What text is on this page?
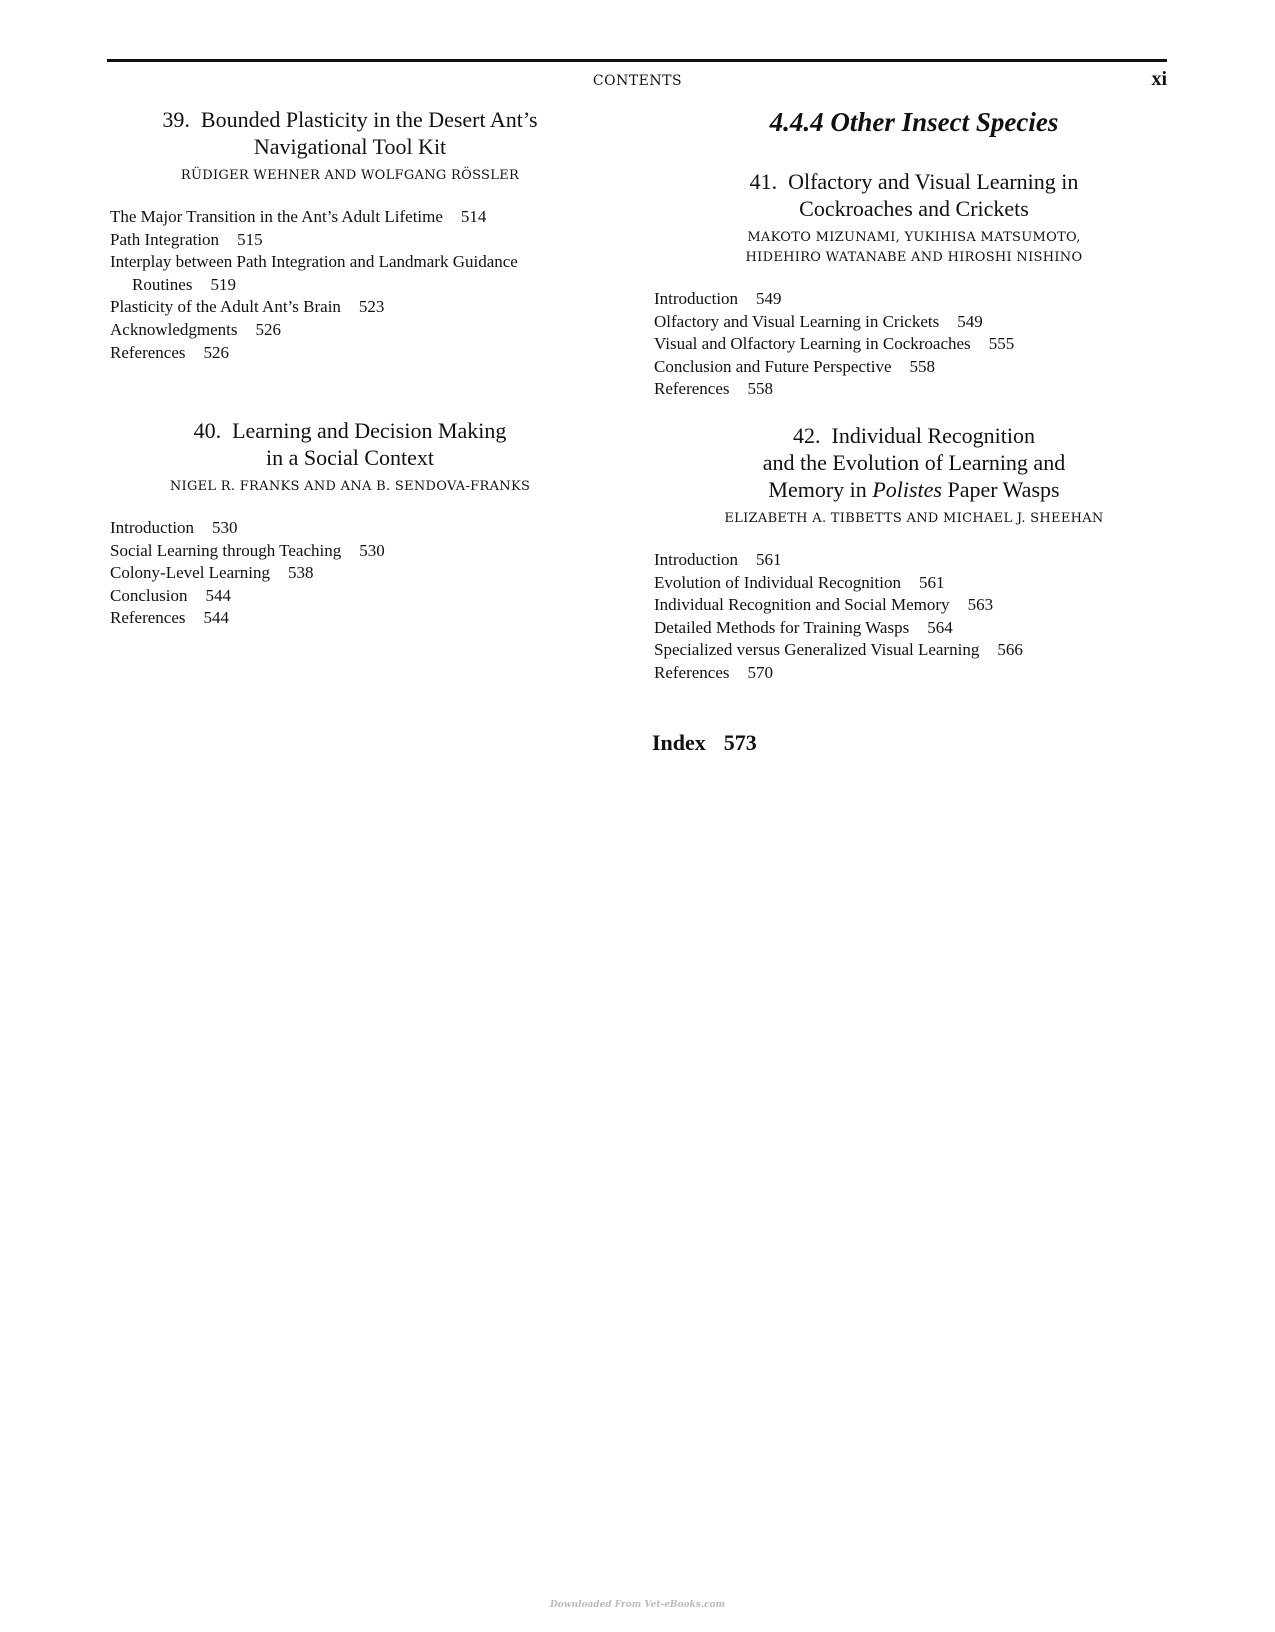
CONTENTS	xi
39. Bounded Plasticity in the Desert Ant’s
Navigational Tool Kit
RÜDIGER WEHNER AND WOLFGANG RÖSSLER
The Major Transition in the Ant’s Adult Lifetime 514
Path Integration 515
Interplay between Path Integration and Landmark Guidance Routines 519
Plasticity of the Adult Ant’s Brain 523
Acknowledgments 526
References 526
40. Learning and Decision Making
in a Social Context
NIGEL R. FRANKS AND ANA B. SENDOVA-FRANKS
Introduction 530
Social Learning through Teaching 530
Colony-Level Learning 538
Conclusion 544
References 544
4.4.4 Other Insect Species
41. Olfactory and Visual Learning in
Cockroaches and Crickets
MAKOTO MIZUNAMI, YUKIHISA MATSUMOTO,
HIDEHIRO WATANABE AND HIROSHI NISHINO
Introduction 549
Olfactory and Visual Learning in Crickets 549
Visual and Olfactory Learning in Cockroaches 555
Conclusion and Future Perspective 558
References 558
42. Individual Recognition
and the Evolution of Learning and
Memory in Polistes Paper Wasps
ELIZABETH A. TIBBETTS AND MICHAEL J. SHEEHAN
Introduction 561
Evolution of Individual Recognition 561
Individual Recognition and Social Memory 563
Detailed Methods for Training Wasps 564
Specialized versus Generalized Visual Learning 566
References 570
Index 573
Downloaded From Vet-eBooks.com
